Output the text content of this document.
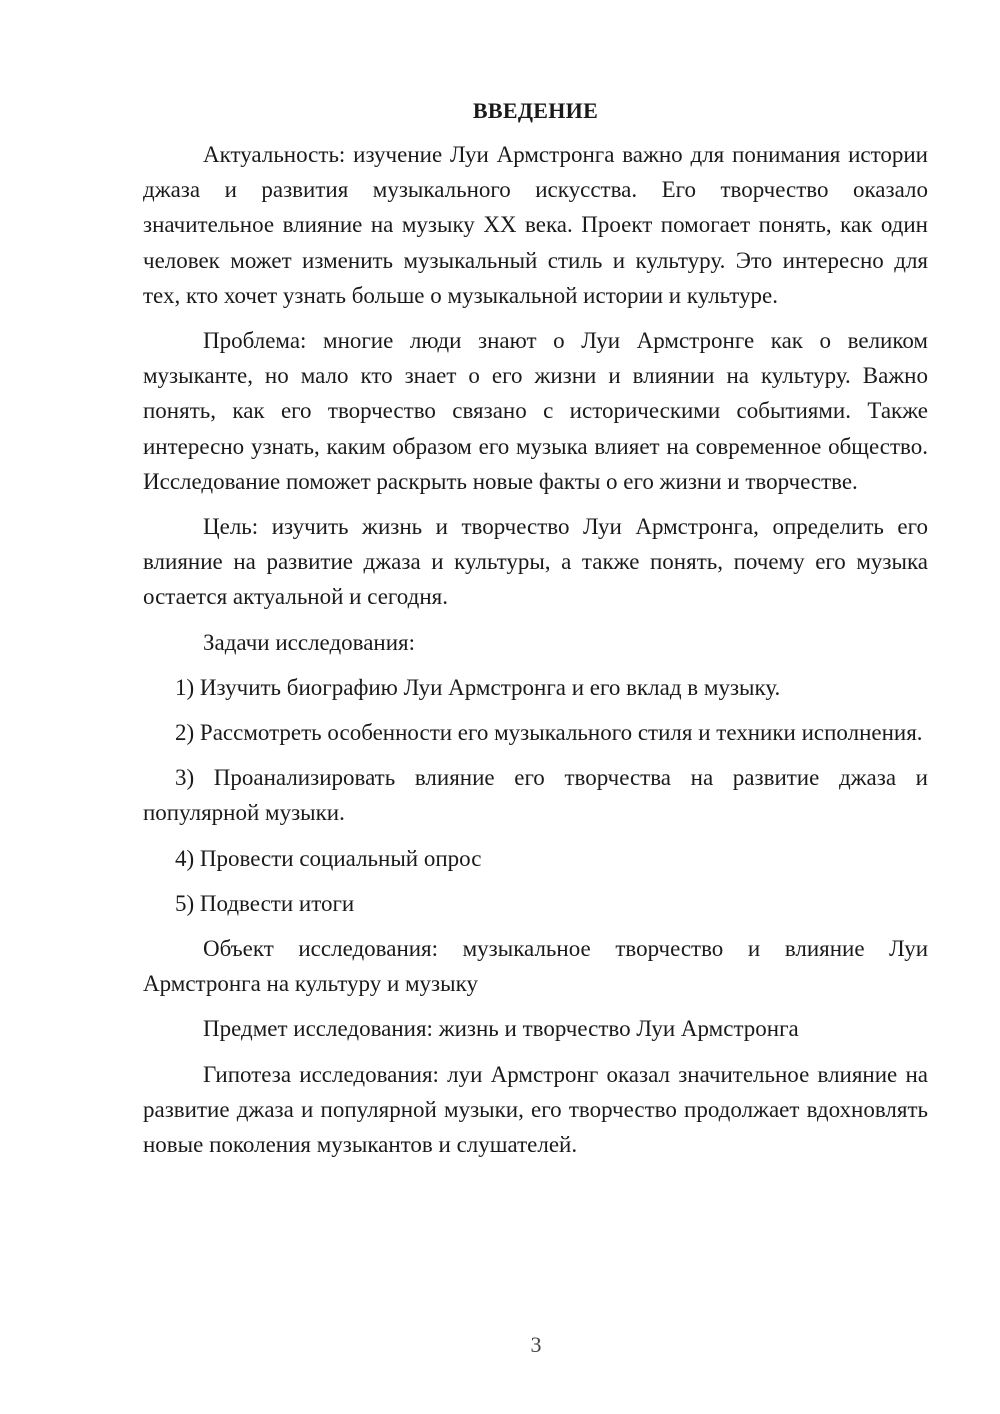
ВВЕДЕНИЕ
Актуальность: изучение Луи Армстронга важно для понимания истории джаза и развития музыкального искусства. Его творчество оказало значительное влияние на музыку XX века. Проект помогает понять, как один человек может изменить музыкальный стиль и культуру. Это интересно для тех, кто хочет узнать больше о музыкальной истории и культуре.
Проблема: многие люди знают о Луи Армстронге как о великом музыканте, но мало кто знает о его жизни и влиянии на культуру. Важно понять, как его творчество связано с историческими событиями. Также интересно узнать, каким образом его музыка влияет на современное общество. Исследование поможет раскрыть новые факты о его жизни и творчестве.
Цель: изучить жизнь и творчество Луи Армстронга, определить его влияние на развитие джаза и культуры, а также понять, почему его музыка остается актуальной и сегодня.
Задачи исследования:
1) Изучить биографию Луи Армстронга и его вклад в музыку.
2) Рассмотреть особенности его музыкального стиля и техники исполнения.
3) Проанализировать влияние его творчества на развитие джаза и популярной музыки.
4) Провести социальный опрос
5) Подвести итоги
Объект исследования: музыкальное творчество и влияние Луи Армстронга на культуру и музыку
Предмет исследования: жизнь и творчество Луи Армстронга
Гипотеза исследования: луи Армстронг оказал значительное влияние на развитие джаза и популярной музыки, его творчество продолжает вдохновлять новые поколения музыкантов и слушателей.
3
